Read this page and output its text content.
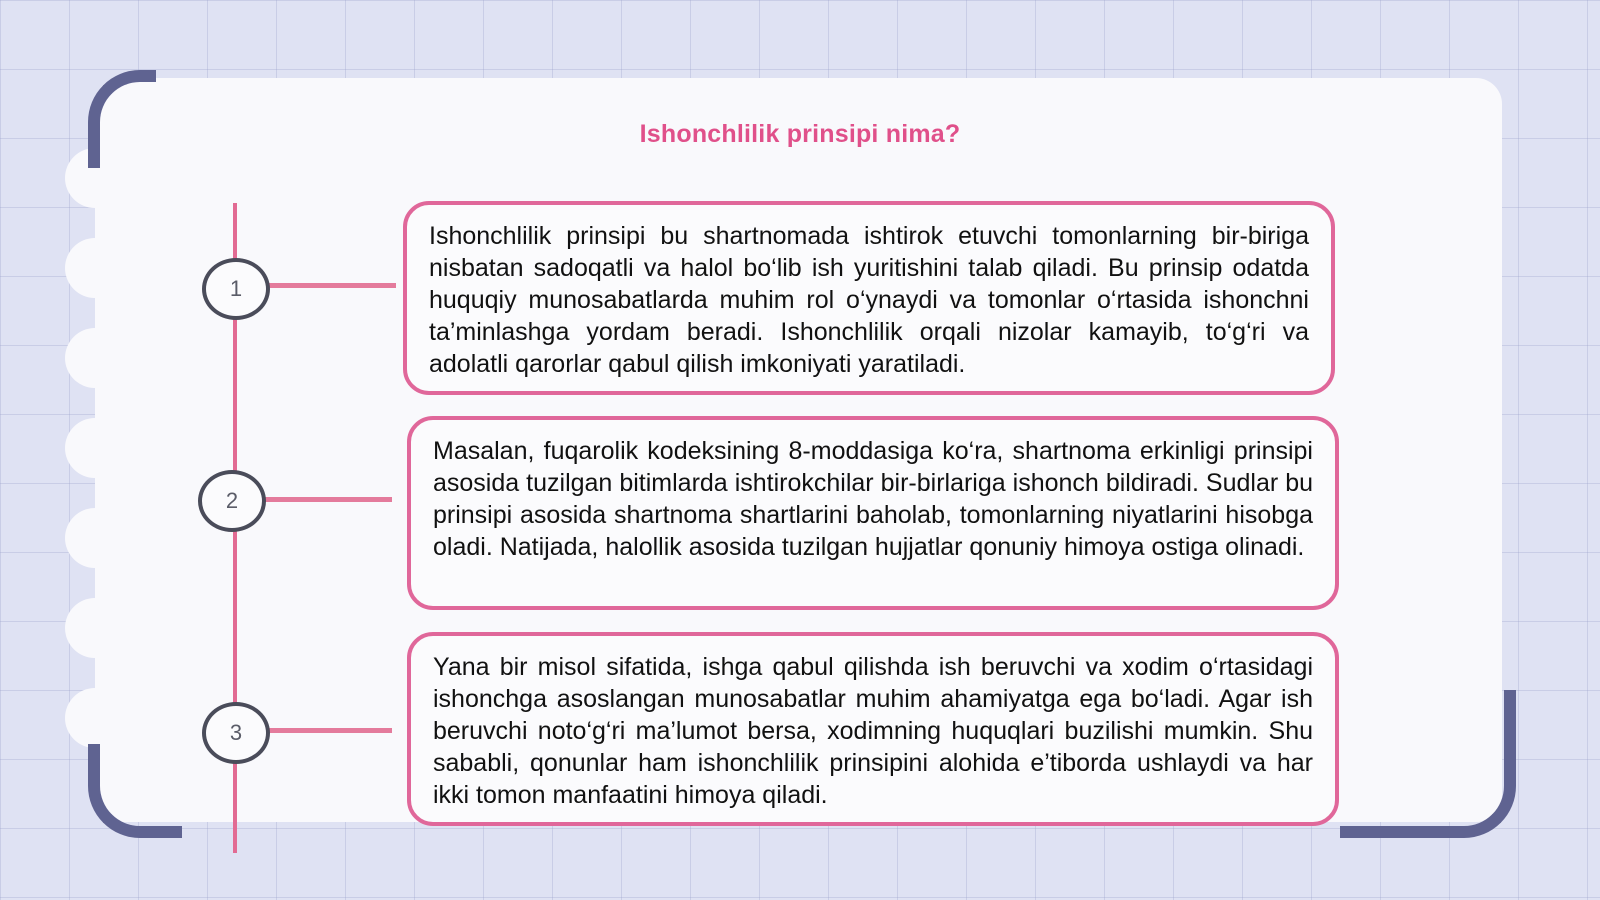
Ishonchlilik prinsipi nima?
1
2
3
Ishonchlilik prinsipi bu shartnomada ishtirok etuvchi tomonlarning bir-biriga nisbatan sadoqatli va halol bo‘lib ish yuritishini talab qiladi. Bu prinsip odatda huquqiy munosabatlarda muhim rol o‘ynaydi va tomonlar o‘rtasida ishonchni ta’minlashga yordam beradi. Ishonchlilik orqali nizolar kamayib, to‘g‘ri va adolatli qarorlar qabul qilish imkoniyati yaratiladi.
Masalan, fuqarolik kodeksining 8-moddasiga ko‘ra, shartnoma erkinligi prinsipi asosida tuzilgan bitimlarda ishtirokchilar bir-birlariga ishonch bildiradi. Sudlar bu prinsipi asosida shartnoma shartlarini baholab, tomonlarning niyatlarini hisobga oladi. Natijada, halollik asosida tuzilgan hujjatlar qonuniy himoya ostiga olinadi.
Yana bir misol sifatida, ishga qabul qilishda ish beruvchi va xodim o‘rtasidagi ishonchga asoslangan munosabatlar muhim ahamiyatga ega bo‘ladi. Agar ish beruvchi noto‘g‘ri ma’lumot bersa, xodimning huquqlari buzilishi mumkin. Shu sababli, qonunlar ham ishonchlilik prinsipini alohida e’tiborda ushlaydi va har ikki tomon manfaatini himoya qiladi.
